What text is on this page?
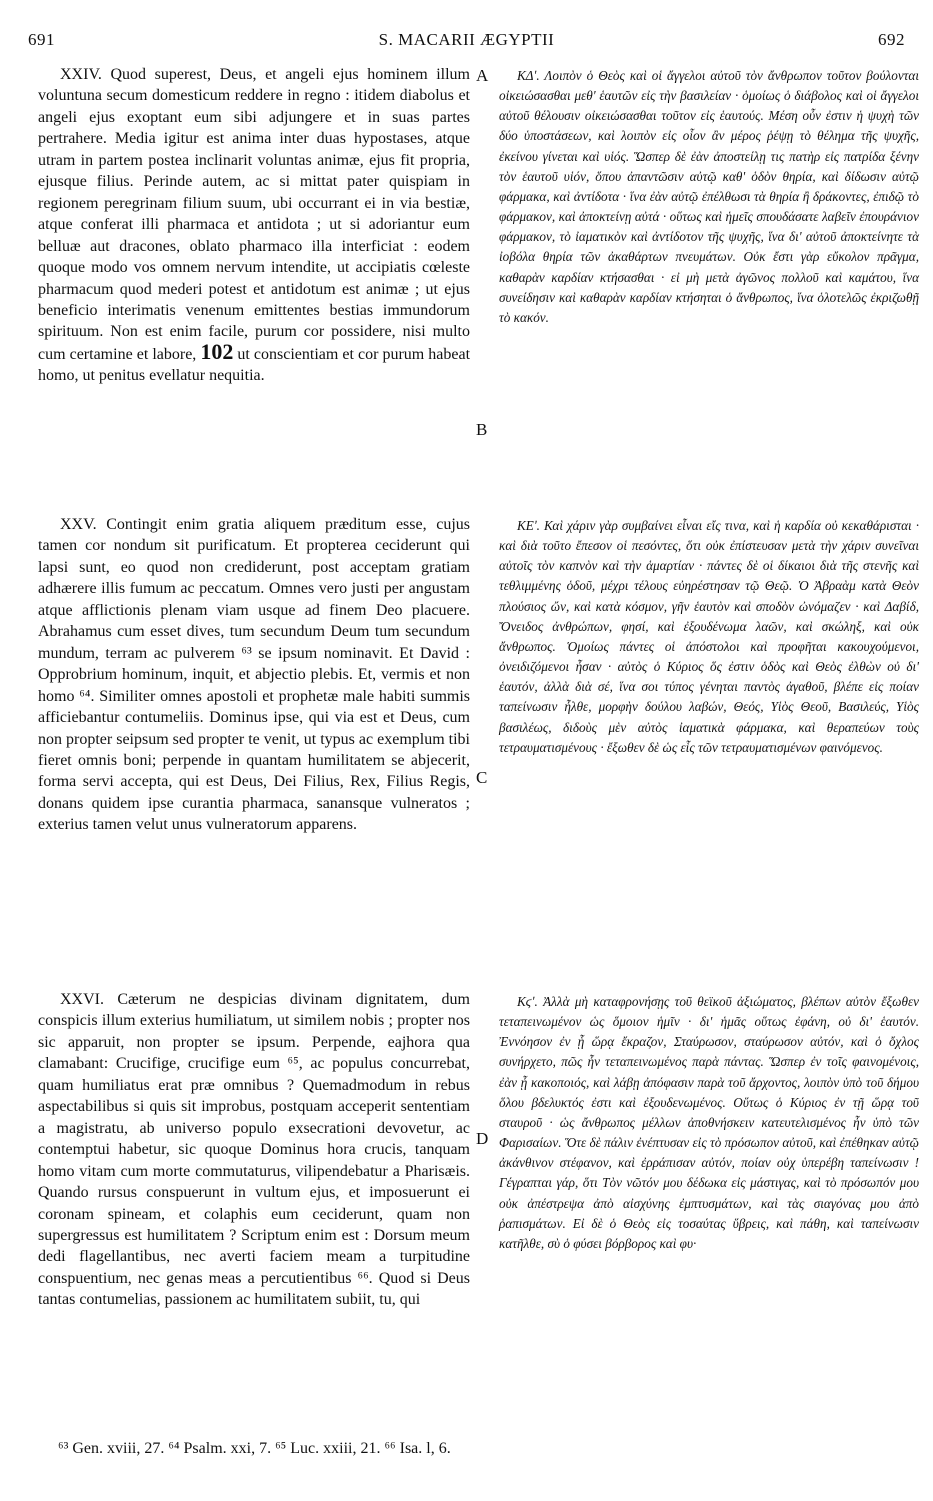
691	S. MACARII ÆGYPTII	692

XXIV. Quod superest, Deus, et angeli ejus hominem illum voluntuna secum domesticum reddere in regno : itidem diabolus et angeli ejus exoptant eum sibi adjungere et in suas partes pertrahere. Media igitur est anima inter duas hypostases, atque utram in partem postea inclinarit voluntas animæ, ejus fit propria, ejusque filius. Perinde autem, ac si mittat pater quispiam in regionem peregrinam filium suum, ubi occurrant ei in via bestiæ, atque conferat illi pharmaca et antidota ; ut si adoriantur eum belluæ aut dracones, oblato pharmaco illa interficiat : eodem quoque modo vos omnem nervum intendite, ut accipiatis cœleste pharmacum quod mederi potest et antidotum est animæ ; ut ejus beneficio interimatis venenum emittentes bestias immundorum spirituum. Non est enim facile, purum cor possidere, nisi multo cum certamine et labore, 102 ut conscientiam et cor purum habeat homo, ut penitus evellatur nequitia.

XXV. Contingit enim gratia aliquem præditum esse, cujus tamen cor nondum sit purificatum. Et propterea ceciderunt qui lapsi sunt, eo quod non crediderunt, post acceptam gratiam adhærere illis fumum ac peccatum. Omnes vero justi per angustam atque afflictionis plenam viam usque ad finem Deo placuere. Abrahamus cum esset dives, tum secundum Deum tum secundum mundum, terram ac pulverem ⁶³ se ipsum nominavit. Et David : Opprobrium hominum, inquit, et abjectio plebis. Et, vermis et non homo ⁶⁴. Similiter omnes apostoli et prophetæ male habiti summis afficiebantur contumeliis. Dominus ipse, qui via est et Deus, cum non propter seipsum sed propter te venit, ut typus ac exemplum tibi fieret omnis boni; perpende in quantam humilitatem se abjecerit, forma servi accepta, qui est Deus, Dei Filius, Rex, Filius Regis, donans quidem ipse curantia pharmaca, sanansque vulneratos ; exterius tamen velut unus vulneratorum apparens.

XXVI. Cæterum ne despicias divinam dignitatem, dum conspicis illum exterius humiliatum, ut similem nobis ; propter nos sic apparuit, non propter se ipsum. Perpende, eajhora qua clamabant: Crucifige, crucifige eum ⁶⁵, ac populus concurrebat, quam humiliatus erat præ omnibus ? Quemadmodum in rebus aspectabilibus si quis sit improbus, postquam acceperit sententiam a magistratu, ab universo populo exsecrationi devovetur, ac contemptui habetur, sic quoque Dominus hora crucis, tanquam homo vitam cum morte commutaturus, vilipendebatur a Pharisæis. Quando rursus conspuerunt in vultum ejus, et imposuerunt ei coronam spineam, et colaphis eum ceciderunt, quam non supergressus est humilitatem ? Scriptum enim est : Dorsum meum dedi flagellantibus, nec averti faciem meam a turpitudine conspuentium, nec genas meas a percutientibus ⁶⁶. Quod si Deus tantas contumelias, passionem ac humilitatem subiit, tu, qui

A
B
C
D

ΚΔʹ. Λοιπὸν ὁ Θεὸς καὶ οἱ ἄγγελοι αὐτοῦ τὸν ἄνθρωπον τοῦτον βούλονται οἰκειώσασθαι μεθ' ἑαυτῶν εἰς τὴν βασιλείαν · ὁμοίως ὁ διάβολος καὶ οἱ ἄγγελοι αὐτοῦ θέλουσιν οἰκειώσασθαι τοῦτον εἰς ἑαυτούς. Μέση οὖν ἐστιν ἡ ψυχὴ τῶν δύο ὑποστάσεων, καὶ λοιπὸν εἰς οἷον ἂν μέρος ῥέψῃ τὸ θέλημα τῆς ψυχῆς, ἐκείνου γίνεται καὶ υἱός. Ὥσπερ δὲ ἐὰν ἀποστείλῃ τις πατὴρ εἰς πατρίδα ξένην τὸν ἑαυτοῦ υἱόν, ὅπου ἀπαντῶσιν αὐτῷ καθ' ὁδὸν θηρία, καὶ δίδωσιν αὐτῷ φάρμακα, καὶ ἀντίδοτα · ἵνα ἐὰν αὐτῷ ἐπέλθωσι τὰ θηρία ἢ δράκοντες, ἐπιδῷ τὸ φάρμακον, καὶ ἀποκτείνῃ αὐτά · οὕτως καὶ ἡμεῖς σπουδάσατε λαβεῖν ἐπουράνιον φάρμακον, τὸ ἰαματικὸν καὶ ἀντίδοτον τῆς ψυχῆς, ἵνα δι' αὐτοῦ ἀποκτείνητε τὰ ἰοβόλα θηρία τῶν ἀκαθάρτων πνευμάτων. Οὐκ ἔστι γὰρ εὔκολον πρᾶγμα, καθαρὰν καρδίαν κτήσασθαι · εἰ μὴ μετὰ ἀγῶνος πολλοῦ καὶ καμάτου, ἵνα συνείδησιν καὶ καθαρὰν καρδίαν κτήσηται ὁ ἄνθρωπος, ἵνα ὁλοτελῶς ἐκριζωθῇ τὸ κακόν.

ΚΕʹ. Καὶ χάριν γὰρ συμβαίνει εἶναι εἴς τινα, καὶ ἡ καρδία οὐ κεκαθάρισται · καὶ διὰ τοῦτο ἔπεσον οἱ πεσόντες, ὅτι οὐκ ἐπίστευσαν μετὰ τὴν χάριν συνεῖναι αὐτοῖς τὸν καπνὸν καὶ τὴν ἁμαρτίαν · πάντες δὲ οἱ δίκαιοι διὰ τῆς στενῆς καὶ τεθλιμμένης ὁδοῦ, μέχρι τέλους εὐηρέστησαν τῷ Θεῷ. Ὁ Ἀβραὰμ κατὰ Θεὸν πλούσιος ὤν, καὶ κατὰ κόσμον, γῆν ἑαυτὸν καὶ σποδὸν ὠνόμαζεν · καὶ Δαβίδ, Ὄνειδος ἀνθρώπων, φησί, καὶ ἐξουδένωμα λαῶν, καὶ σκώληξ, καὶ οὐκ ἄνθρωπος. Ὁμοίως πάντες οἱ ἀπόστολοι καὶ προφῆται κακουχούμενοι, ὀνειδιζόμενοι ἦσαν · αὐτὸς ὁ Κύριος ὅς ἐστιν ὁδὸς καὶ Θεὸς ἐλθὼν οὐ δι' ἑαυτόν, ἀλλὰ διὰ σέ, ἵνα σοι τύπος γένηται παντὸς ἀγαθοῦ, βλέπε εἰς ποίαν ταπείνωσιν ἦλθε, μορφὴν δούλου λαβών, Θεός, Υἱὸς Θεοῦ, Βασιλεύς, Υἱὸς βασιλέως, διδοὺς μὲν αὐτὸς ἰαματικὰ φάρμακα, καὶ θεραπεύων τοὺς τετραυματισμένους · ἔξωθεν δὲ ὡς εἷς τῶν τετραυματισμένων φαινόμενος.

Κϛʹ. Ἀλλὰ μὴ καταφρονήσῃς τοῦ θεϊκοῦ ἀξιώματος, βλέπων αὐτὸν ἔξωθεν τεταπεινωμένον ὡς ὅμοιον ἡμῖν · δι' ἡμᾶς οὕτως ἐφάνη, οὐ δι' ἑαυτόν. Ἐννόησον ἐν ᾗ ὥρᾳ ἔκραζον, Σταύρωσον, σταύρωσον αὐτόν, καὶ ὁ ὄχλος συνήρχετο, πῶς ἦν τεταπεινωμένος παρὰ πάντας. Ὥσπερ ἐν τοῖς φαινομένοις, ἐὰν ᾖ κακοποιός, καὶ λάβῃ ἀπόφασιν παρὰ τοῦ ἄρχοντος, λοιπὸν ὑπὸ τοῦ δήμου ὅλου βδελυκτός ἐστι καὶ ἐξουδενωμένος. Οὕτως ὁ Κύριος ἐν τῇ ὥρᾳ τοῦ σταυροῦ · ὡς ἄνθρωπος μέλλων ἀποθνήσκειν κατευτελισμένος ἦν ὑπὸ τῶν Φαρισαίων. Ὅτε δὲ πάλιν ἐνέπτυσαν εἰς τὸ πρόσωπον αὐτοῦ, καὶ ἐπέθηκαν αὐτῷ ἀκάνθινον στέφανον, καὶ ἐρράπισαν αὐτόν, ποίαν οὐχ ὑπερέβη ταπείνωσιν ! Γέγραπται γάρ, ὅτι Τὸν νῶτόν μου δέδωκα εἰς μάστιγας, καὶ τὸ πρόσωπόν μου οὐκ ἀπέστρεψα ἀπὸ αἰσχύνης ἐμπτυσμάτων, καὶ τὰς σιαγόνας μου ἀπὸ ῥαπισμάτων. Εἰ δὲ ὁ Θεὸς εἰς τοσαύτας ὕβρεις, καὶ πάθη, καὶ ταπείνωσιν κατῆλθε, σὺ ὁ φύσει βόρβορος καὶ φυ·

⁶³ Gen. xviii, 27. ⁶⁴ Psalm. xxi, 7. ⁶⁵ Luc. xxiii, 21. ⁶⁶ Isa. l, 6.
